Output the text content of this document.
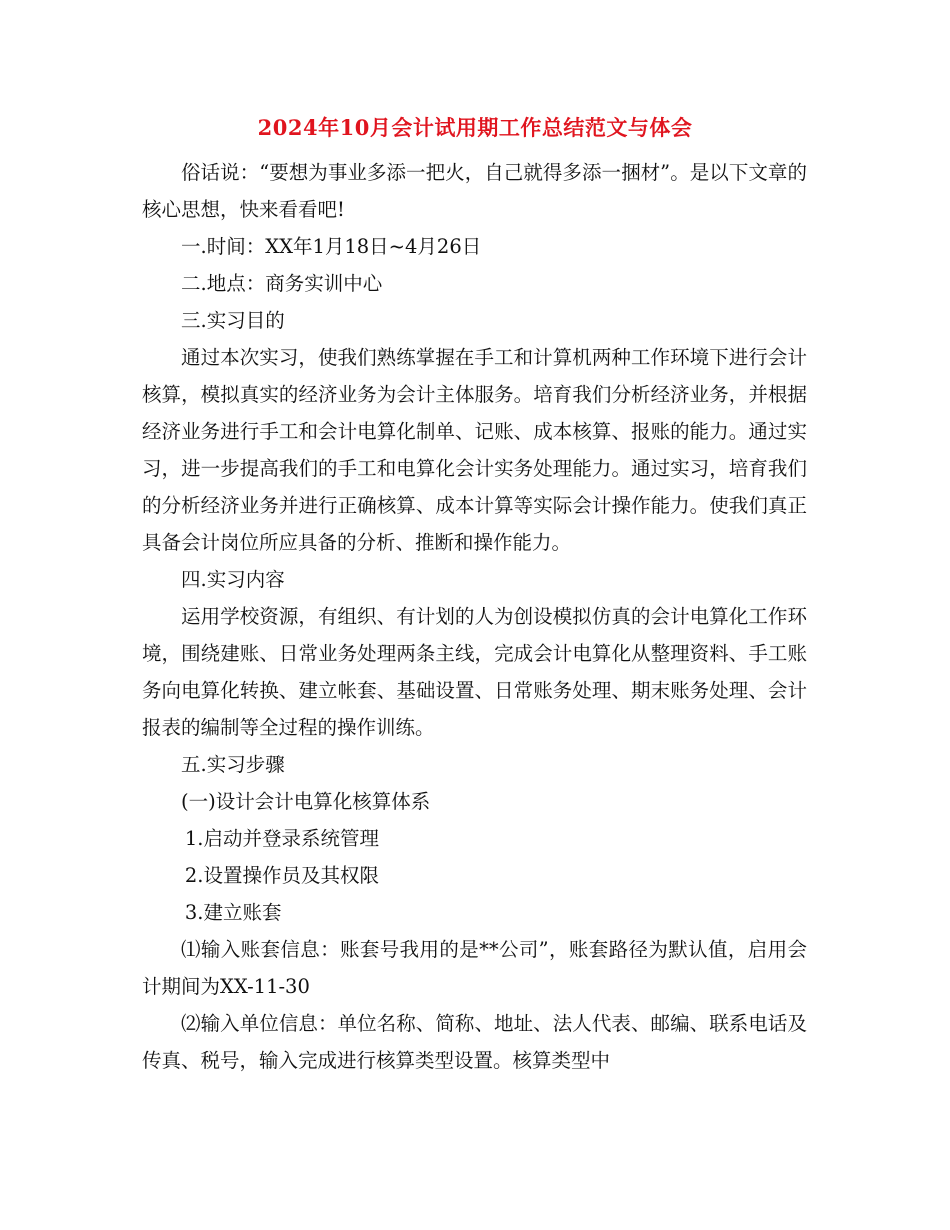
2024年10月会计试用期工作总结范文与体会

俗话说：“要想为事业多添一把火，自己就得多添一捆材”。是以下文章的核心思想，快来看看吧!

一.时间：XX年1月18日~4月26日

二.地点：商务实训中心

三.实习目的

通过本次实习，使我们熟练掌握在手工和计算机两种工作环境下进行会计核算，模拟真实的经济业务为会计主体服务。培育我们分析经济业务，并根据经济业务进行手工和会计电算化制单、记账、成本核算、报账的能力。通过实习，进一步提高我们的手工和电算化会计实务处理能力。通过实习，培育我们的分析经济业务并进行正确核算、成本计算等实际会计操作能力。使我们真正具备会计岗位所应具备的分析、推断和操作能力。

四.实习内容

运用学校资源，有组织、有计划的人为创设模拟仿真的会计电算化工作环境，围绕建账、日常业务处理两条主线，完成会计电算化从整理资料、手工账务向电算化转换、建立帐套、基础设置、日常账务处理、期末账务处理、会计报表的编制等全过程的操作训练。

五.实习步骤

(一)设计会计电算化核算体系

1.启动并登录系统管理

2.设置操作员及其权限

3.建立账套

⑴输入账套信息：账套号我用的是**公司”，账套路径为默认值，启用会计期间为XX-11-30

⑵输入单位信息：单位名称、简称、地址、法人代表、邮编、联系电话及传真、税号，输入完成进行核算类型设置。核算类型中
